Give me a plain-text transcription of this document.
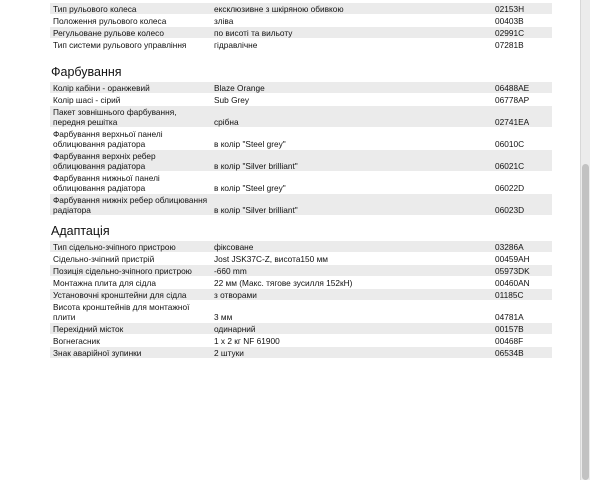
Тип рульового колеса	ексклюзивне з шкіряною обивкою	02153H
Положення рульового колеса	зліва	00403B
Регульоване рульове колесо	по висоті та вильоту	02991C
Тип системи рульового управління	гідравлічне	07281B
Фарбування
Колір кабіни - оранжевий	Blaze Orange	06488AE
Колір шасі - сірий	Sub Grey	06778AP
Пакет зовнішнього фарбування, передня решітка	срібна	02741EA
Фарбування верхньої панелі облицювання радіатора	в колір "Steel grey"	06010C
Фарбування верхніх ребер облицювання радіатора	в колір "Silver brilliant"	06021C
Фарбування нижньої панелі облицювання радіатора	в колір "Steel grey"	06022D
Фарбування нижніх ребер облицювання радіатора	в колір "Silver brilliant"	06023D
Адаптація
Тип сідельно-зчіпного пристрою	фіксоване	03286A
Сідельно-зчіпний пристрій	Jost JSK37C-Z, висота150 мм	00459AH
Позиція сідельно-зчіпного пристрою	-660 mm	05973DK
Монтажна плита для сідла	22 мм (Макс. тягове зусилля 152кН)	00460AN
Установочні кронштейни для сідла	з отворами	01185C
Висота кронштейнів для монтажної плити	3 мм	04781A
Перехідний місток	одинарний	00157B
Вогнегасник	1 x 2 кг NF 61900	00468F
Знак аварійної зупинки	2 штуки	06534B
